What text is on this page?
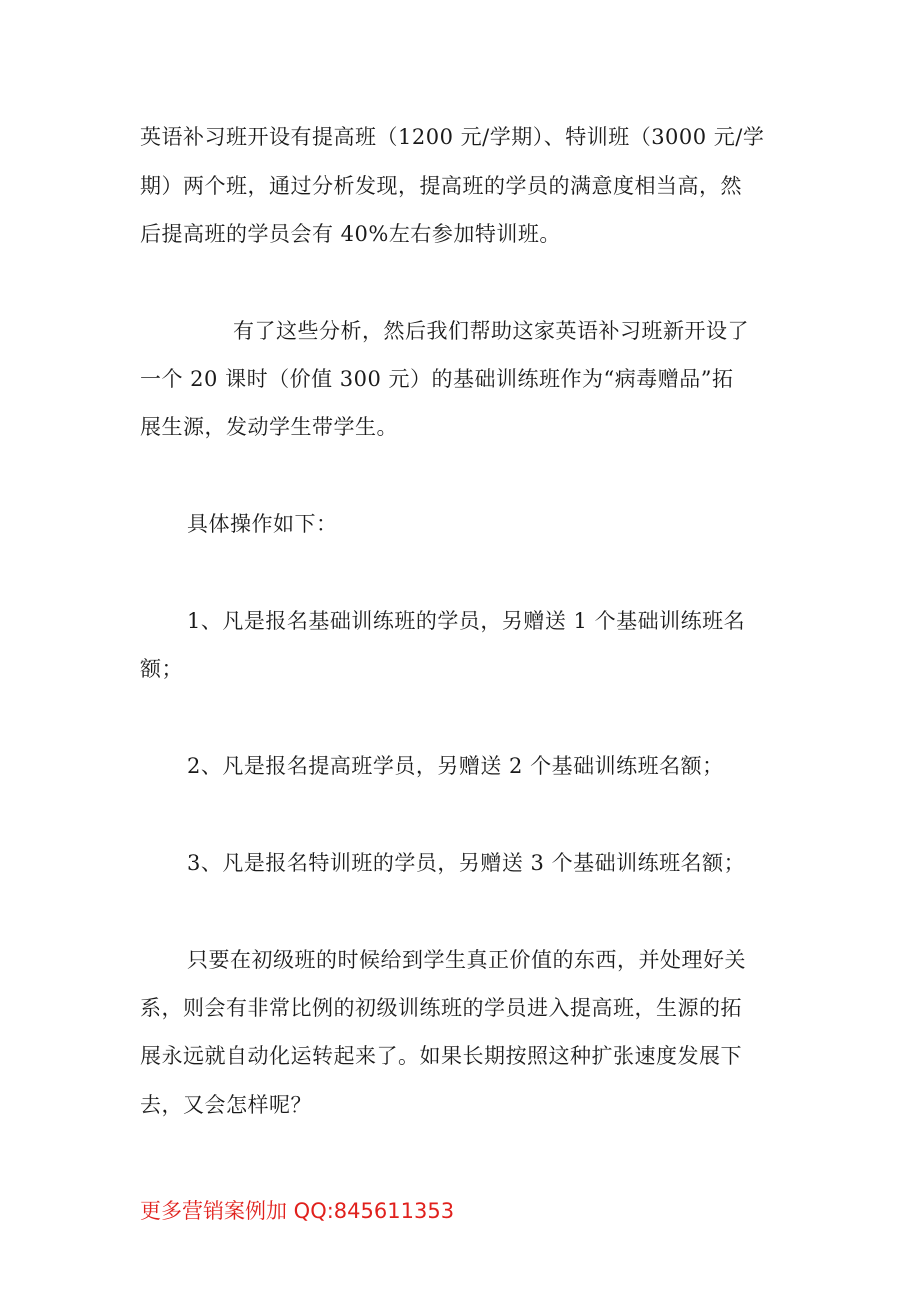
英语补习班开设有提高班（1200 元/学期）、特训班（3000 元/学
期）两个班，通过分析发现，提高班的学员的满意度相当高，然
后提高班的学员会有 40%左右参加特训班。
有了这些分析，然后我们帮助这家英语补习班新开设了
一个 20 课时（价值 300 元）的基础训练班作为“病毒赠品”拓
展生源，发动学生带学生。
具体操作如下：
1、凡是报名基础训练班的学员，另赠送 1 个基础训练班名
额；
2、凡是报名提高班学员，另赠送 2 个基础训练班名额；
3、凡是报名特训班的学员，另赠送 3 个基础训练班名额；
只要在初级班的时候给到学生真正价值的东西，并处理好关
系，则会有非常比例的初级训练班的学员进入提高班，生源的拓
展永远就自动化运转起来了。如果长期按照这种扩张速度发展下
去，又会怎样呢？
更多营销案例加 QQ:845611353
